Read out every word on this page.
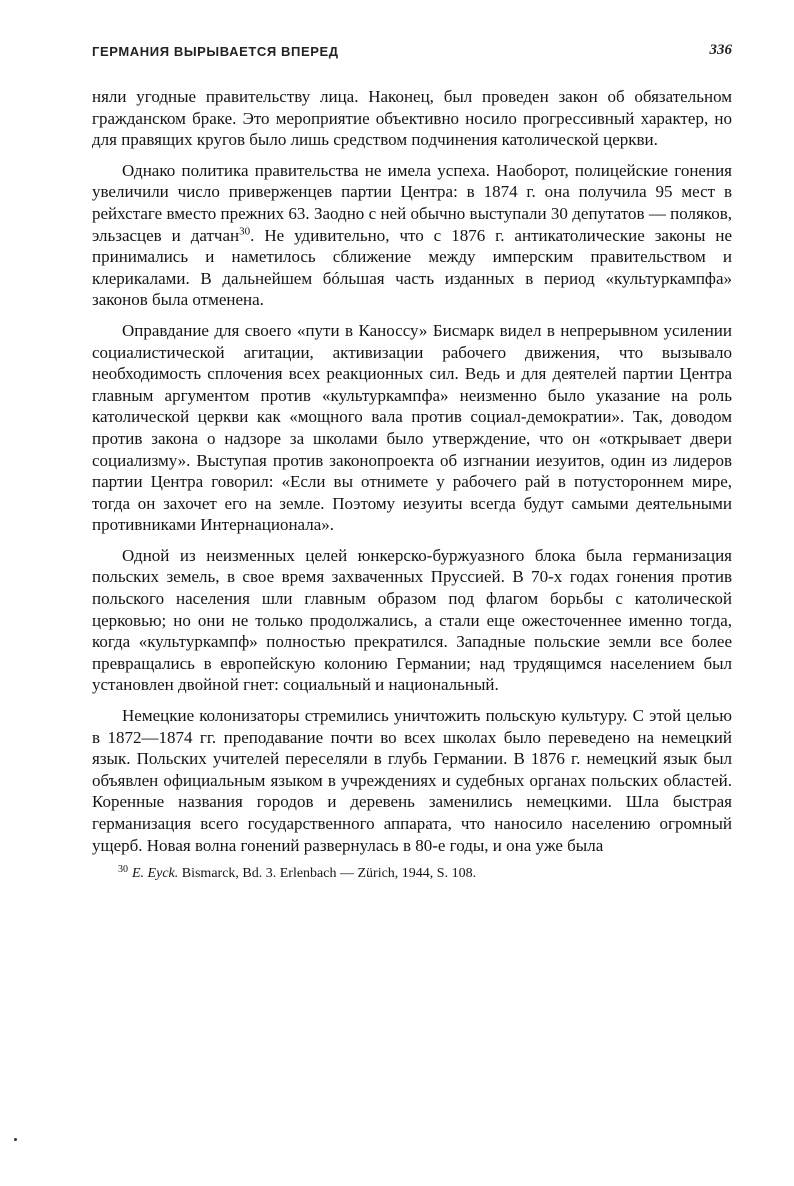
ГЕРМАНИЯ ВЫРЫВАЕТСЯ ВПЕРЕД	336

няли угодные правительству лица. Наконец, был проведен закон об обязательном гражданском браке. Это мероприятие объективно носило прогрессивный характер, но для правящих кругов было лишь средством подчинения католической церкви.

Однако политика правительства не имела успеха. Наоборот, полицейские гонения увеличили число приверженцев партии Центра: в 1874 г. она получила 95 мест в рейхстаге вместо прежних 63. Заодно с ней обычно выступали 30 депутатов — поляков, эльзасцев и датчан$^{30}$. Не удивительно, что с 1876 г. антикатолические законы не принимались и наметилось сближение между имперским правительством и клерикалами. В дальнейшем бóльшая часть изданных в период «культуркампфа» законов была отменена.

Оправдание для своего «пути в Каноссу» Бисмарк видел в непрерывном усилении социалистической агитации, активизации рабочего движения, что вызывало необходимость сплочения всех реакционных сил. Ведь и для деятелей партии Центра главным аргументом против «культуркампфа» неизменно было указание на роль католической церкви как «мощного вала против социал-демократии». Так, доводом против закона о надзоре за школами было утверждение, что он «открывает двери социализму». Выступая против законопроекта об изгнании иезуитов, один из лидеров партии Центра говорил: «Если вы отнимете у рабочего рай в потустороннем мире, тогда он захочет его на земле. Поэтому иезуиты всегда будут самыми деятельными противниками Интернационала».

Одной из неизменных целей юнкерско-буржуазного блока была германизация польских земель, в свое время захваченных Пруссией. В 70-х годах гонения против польского населения шли главным образом под флагом борьбы с католической церковью; но они не только продолжались, а стали еще ожесточеннее именно тогда, когда «культуркампф» полностью прекратился. Западные польские земли все более превращались в европейскую колонию Германии; над трудящимся населением был установлен двойной гнет: социальный и национальный.

Немецкие колонизаторы стремились уничтожить польскую культуру. С этой целью в 1872—1874 гг. преподавание почти во всех школах было переведено на немецкий язык. Польских учителей переселяли в глубь Германии. В 1876 г. немецкий язык был объявлен официальным языком в учреждениях и судебных органах польских областей. Коренные названия городов и деревень заменились немецкими. Шла быстрая германизация всего государственного аппарата, что наносило населению огромный ущерб. Новая волна гонений развернулась в 80-е годы, и она уже была

$^{30}$ E. Eyck. Bismarck, Bd. 3. Erlenbach — Zürich, 1944, S. 108.
